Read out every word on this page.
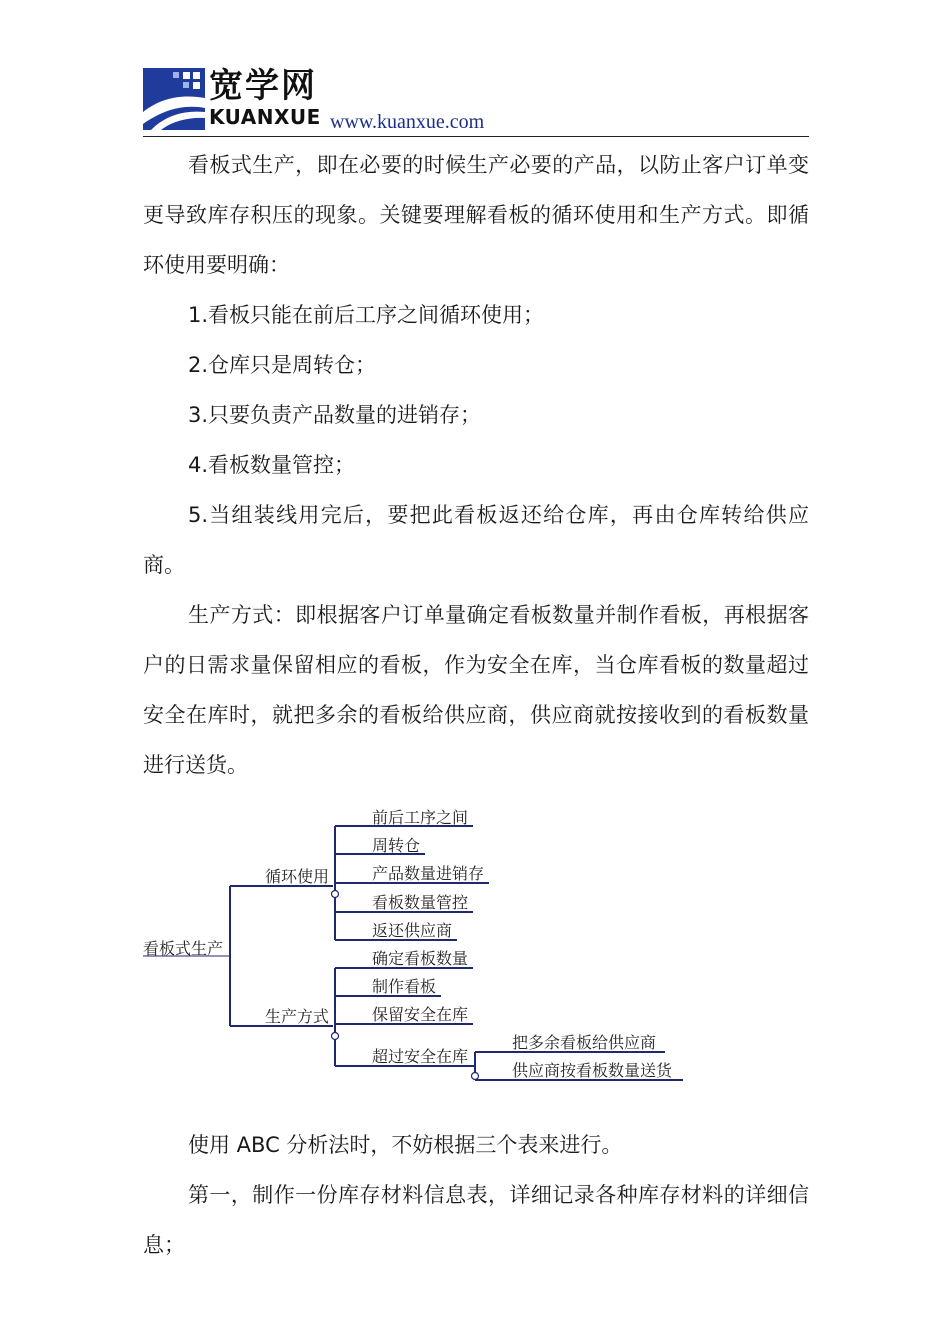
宽学网
KUANXUE www.kuanxue.com

看板式生产，即在必要的时候生产必要的产品，以防止客户订单变更导致库存积压的现象。关键要理解看板的循环使用和生产方式。即循环使用要明确：

1.看板只能在前后工序之间循环使用；

2.仓库只是周转仓；

3.只要负责产品数量的进销存；

4.看板数量管控；

5.当组装线用完后，要把此看板返还给仓库，再由仓库转给供应商。

生产方式：即根据客户订单量确定看板数量并制作看板，再根据客户的日需求量保留相应的看板，作为安全在库，当仓库看板的数量超过安全在库时，就把多余的看板给供应商，供应商就按接收到的看板数量进行送货。

看板式生产
循环使用
生产方式
前后工序之间
周转仓
产品数量进销存
看板数量管控
返还供应商
确定看板数量
制作看板
保留安全在库
超过安全在库
把多余看板给供应商
供应商按看板数量送货

使用 ABC 分析法时，不妨根据三个表来进行。

第一，制作一份库存材料信息表，详细记录各种库存材料的详细信息；
